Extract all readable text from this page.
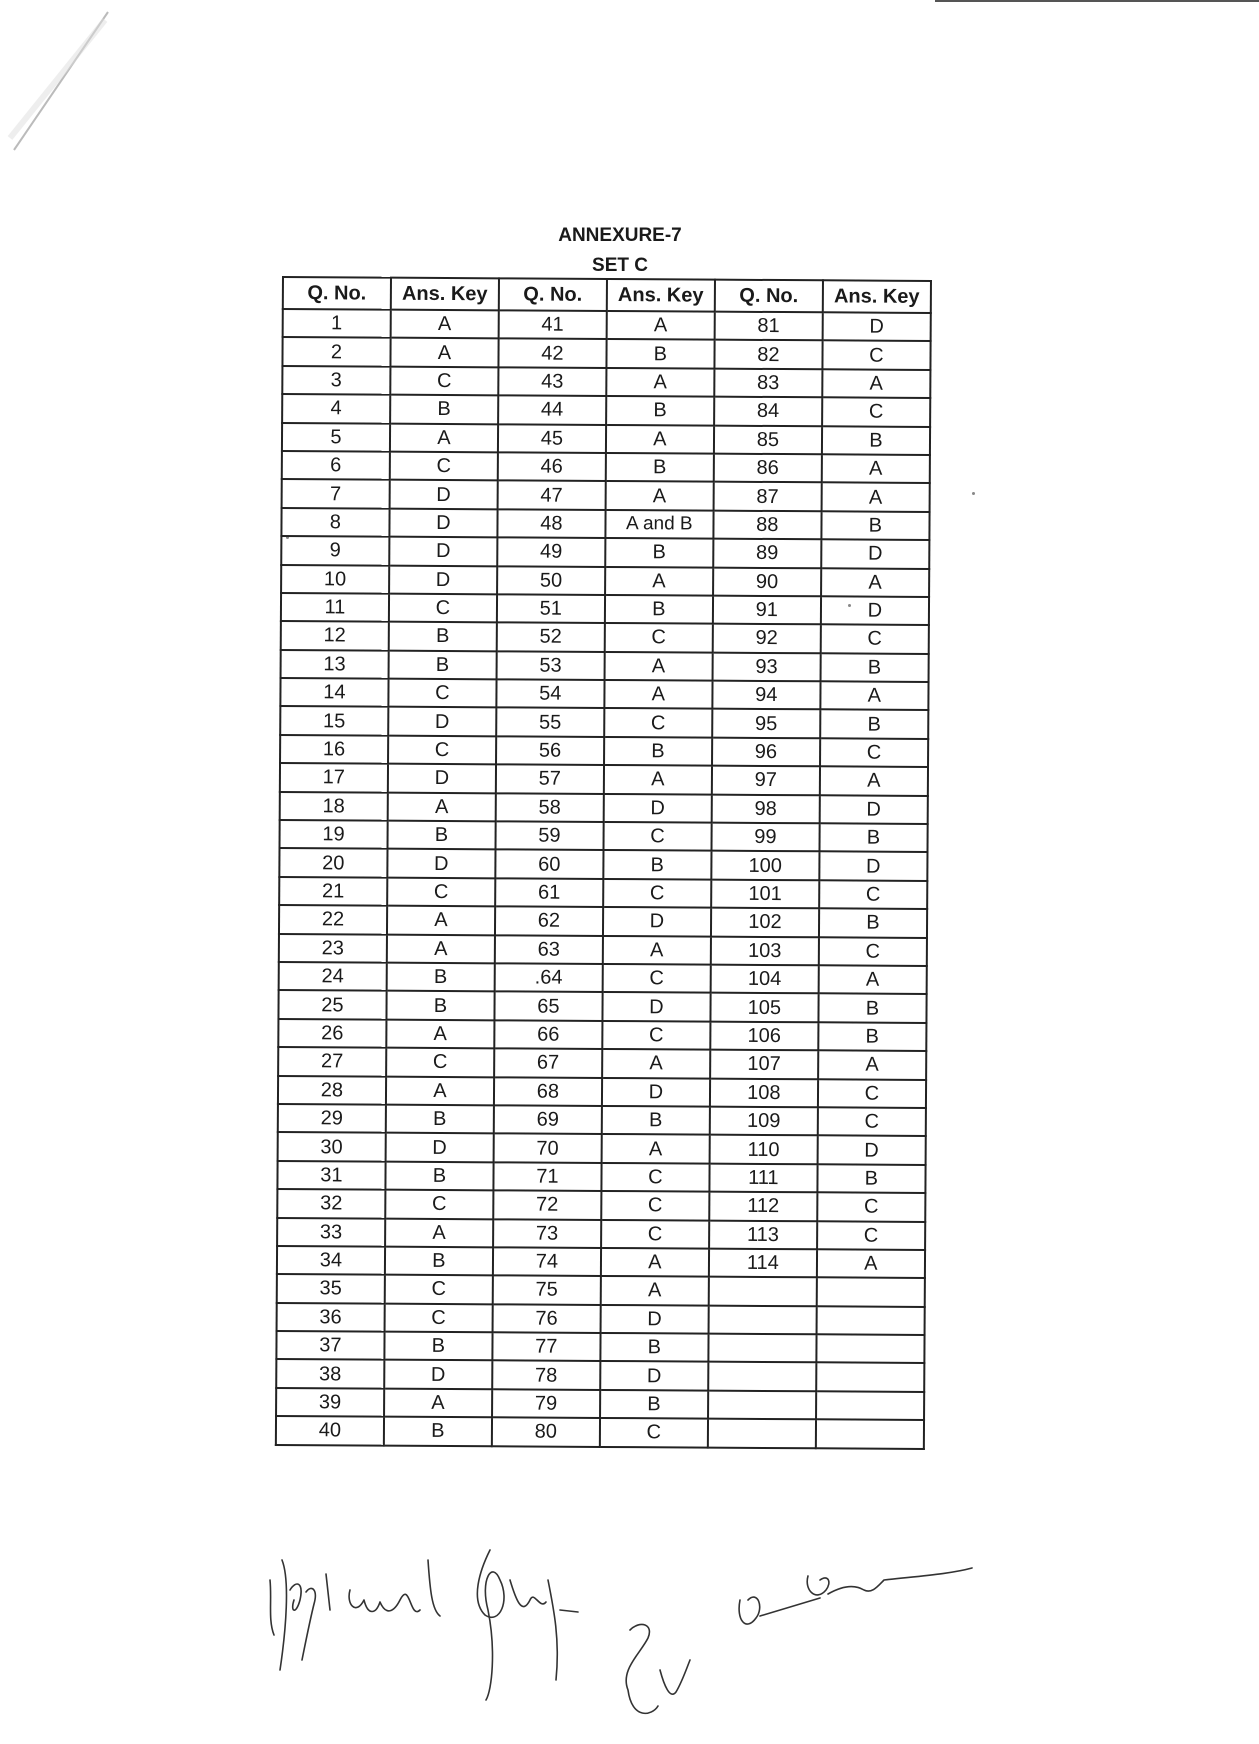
ANNEXURE-7
SET C
Q. No.	Ans. Key	Q. No.	Ans. Key	Q. No.	Ans. Key
1	A	41	A	81	D
2	A	42	B	82	C
3	C	43	A	83	A
4	B	44	B	84	C
5	A	45	A	85	B
6	C	46	B	86	A
7	D	47	A	87	A
8	D	48	A and B	88	B
9	D	49	B	89	D
10	D	50	A	90	A
11	C	51	B	91	D
12	B	52	C	92	C
13	B	53	A	93	B
14	C	54	A	94	A
15	D	55	C	95	B
16	C	56	B	96	C
17	D	57	A	97	A
18	A	58	D	98	D
19	B	59	C	99	B
20	D	60	B	100	D
21	C	61	C	101	C
22	A	62	D	102	B
23	A	63	A	103	C
24	B	.64	C	104	A
25	B	65	D	105	B
26	A	66	C	106	B
27	C	67	A	107	A
28	A	68	D	108	C
29	B	69	B	109	C
30	D	70	A	110	D
31	B	71	C	111	B
32	C	72	C	112	C
33	A	73	C	113	C
34	B	74	A	114	A
35	C	75	A		
36	C	76	D		
37	B	77	B		
38	D	78	D		
39	A	79	B		
40	B	80	C		
